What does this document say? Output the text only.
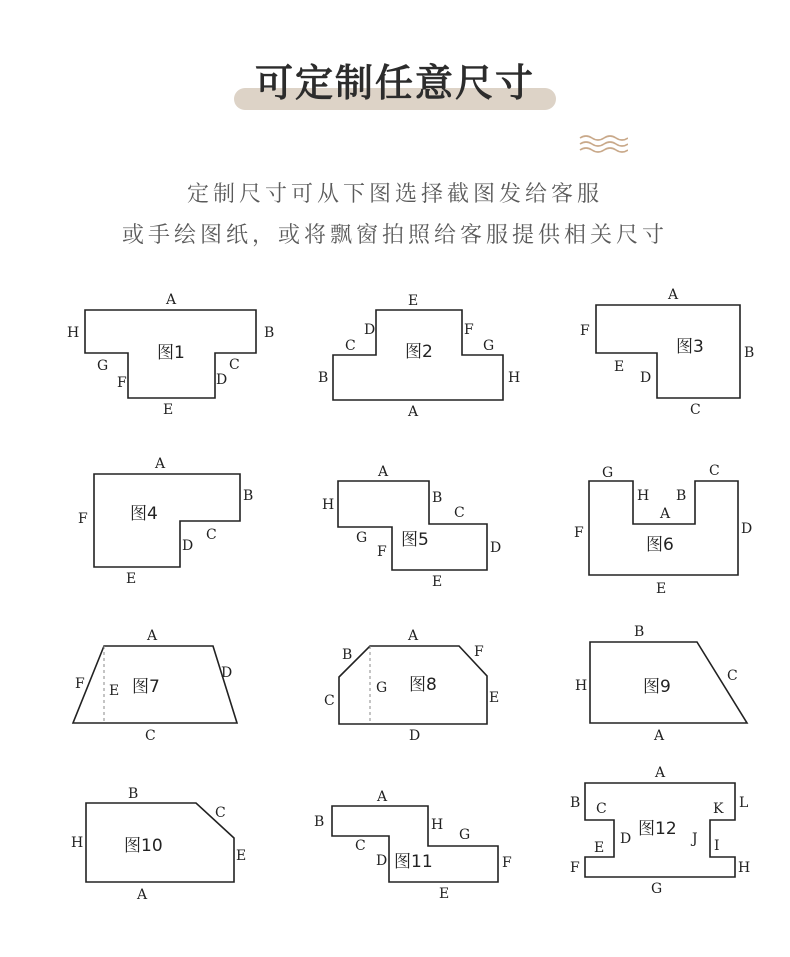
可定制任意尺寸
定制尺寸可从下图选择截图发给客服
或手绘图纸，或将飘窗拍照给客服提供相关尺寸
图1
A
B
C
D
E
F
G
H
图2
A
B
C
D
E
F
G
H
图3
A
B
C
D
E
F
图4
A
B
C
D
E
F
图5
A
B
C
D
E
F
G
H
图6
A
B
C
D
E
F
G
H
图7
A
C
D
E
F	图8
A
B
C
D
E
F
G	图9
A
B
C
H
图10
A
B
C
E
H
图11
A
B
C
D
E
F
G
H	图12
A
B C
D
E
F
G
H
I
J
K L
